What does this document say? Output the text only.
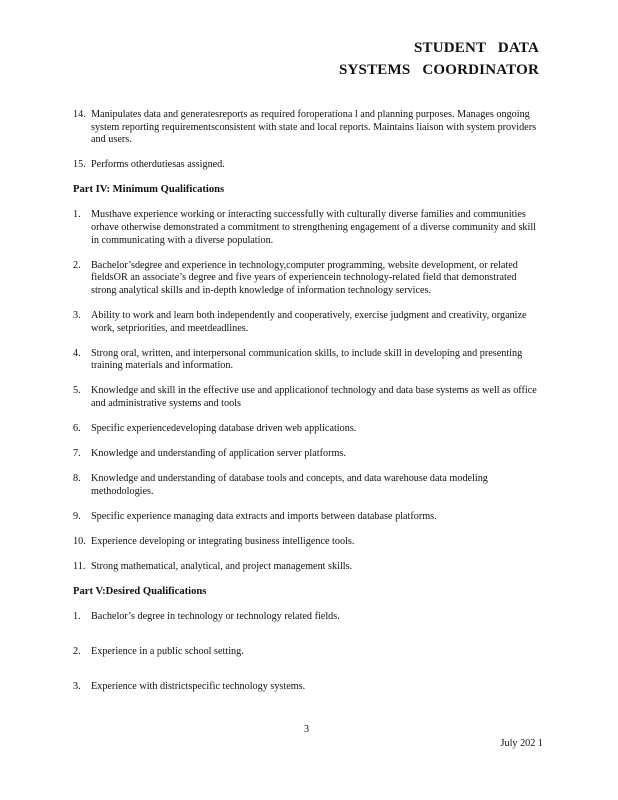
STUDENT DATA
SYSTEMS COORDINATOR
14. Manipulates data and generatesreports as required foroperationa l and planning purposes. Manages ongoing system reporting requirementsconsistent with state and local reports. Maintains liaison with system providers and users.
15. Performs otherdutiesas assigned.
Part IV: Minimum Qualifications
1. Musthave experience working or interacting successfully with culturally diverse families and communities orhave otherwise demonstrated a commitment to strengthening engagement of a diverse community and skill in communicating with a diverse population.
2. Bachelor’sdegree and experience in technology,computer programming, website development, or related fieldsOR an associate’s degree and five years of experiencein technology-related field that demonstrated strong analytical skills and in-depth knowledge of information technology services.
3. Ability to work and learn both independently and cooperatively, exercise judgment and creativity, organize work, setpriorities, and meetdeadlines.
4. Strong oral, written, and interpersonal communication skills, to include skill in developing and presenting training materials and information.
5. Knowledge and skill in the effective use and applicationof technology and data base systems as well as office and administrative systems and tools
6. Specific experiencedeveloping database driven web applications.
7. Knowledge and understanding of application server platforms.
8. Knowledge and understanding of database tools and concepts, and data warehouse data modeling methodologies.
9. Specific experience managing data extracts and imports between database platforms.
10. Experience developing or integrating business intelligence tools.
11. Strong mathematical, analytical, and project management skills.
Part V:Desired Qualifications
1. Bachelor’s degree in technology or technology related fields.
2. Experience in a public school setting.
3. Experience with districtspecific technology systems.
3
July 202 1
